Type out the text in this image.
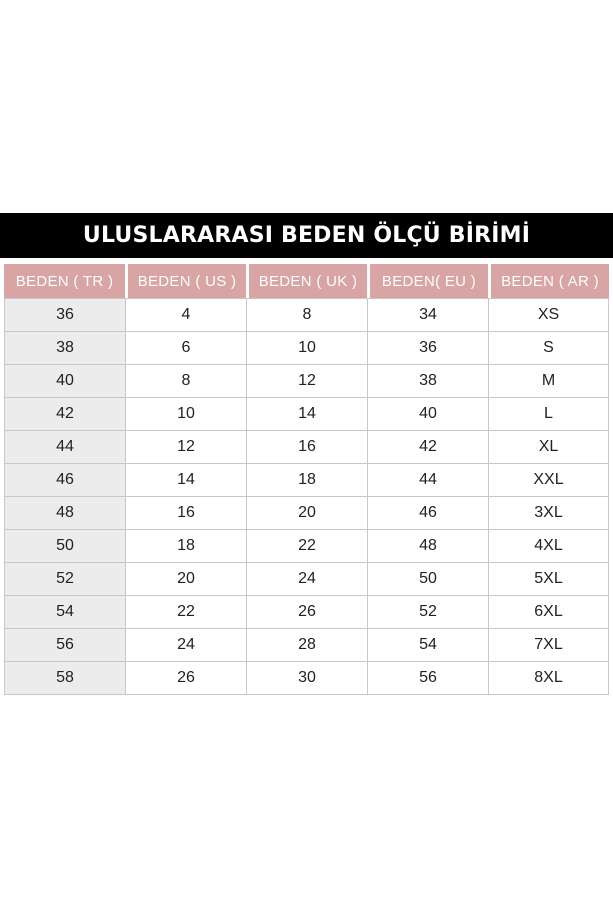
ULUSLARARASI BEDEN ÖLÇÜ BİRİMİ
BEDEN ( TR )	BEDEN ( US )	BEDEN ( UK )	BEDEN( EU )	BEDEN ( AR )
36	4	8	34	XS
38	6	10	36	S
40	8	12	38	M
42	10	14	40	L
44	12	16	42	XL
46	14	18	44	XXL
48	16	20	46	3XL
50	18	22	48	4XL
52	20	24	50	5XL
54	22	26	52	6XL
56	24	28	54	7XL
58	26	30	56	8XL
